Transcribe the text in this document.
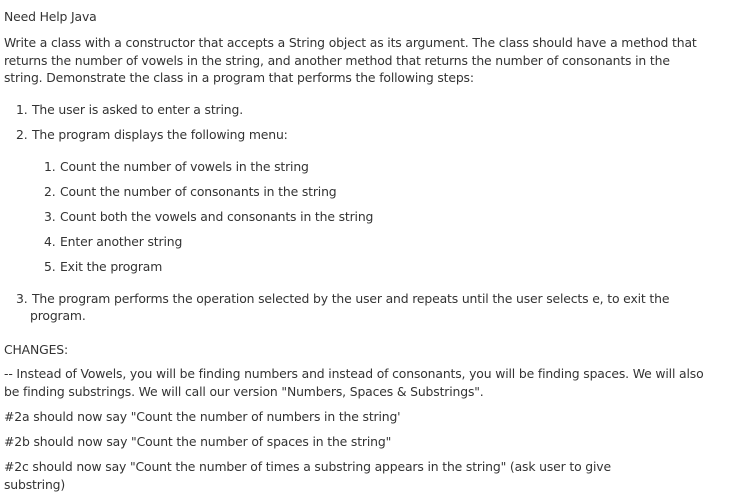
Need Help Java
Write a class with a constructor that accepts a String object as its argument. The class should have a method that returns the number of vowels in the string, and another method that returns the number of consonants in the string. Demonstrate the class in a program that performs the following steps:
1. The user is asked to enter a string.
2. The program displays the following menu:
1. Count the number of vowels in the string
2. Count the number of consonants in the string
3. Count both the vowels and consonants in the string
4. Enter another string
5. Exit the program
3. The program performs the operation selected by the user and repeats until the user selects e, to exit the
program.
CHANGES:
-- Instead of Vowels, you will be finding numbers and instead of consonants, you will be finding spaces. We will also be finding substrings. We will call our version "Numbers, Spaces & Substrings".
#2a should now say "Count the number of numbers in the string'
#2b should now say "Count the number of spaces in the string"
#2c should now say "Count the number of times a substring appears in the string" (ask user to give substring)
